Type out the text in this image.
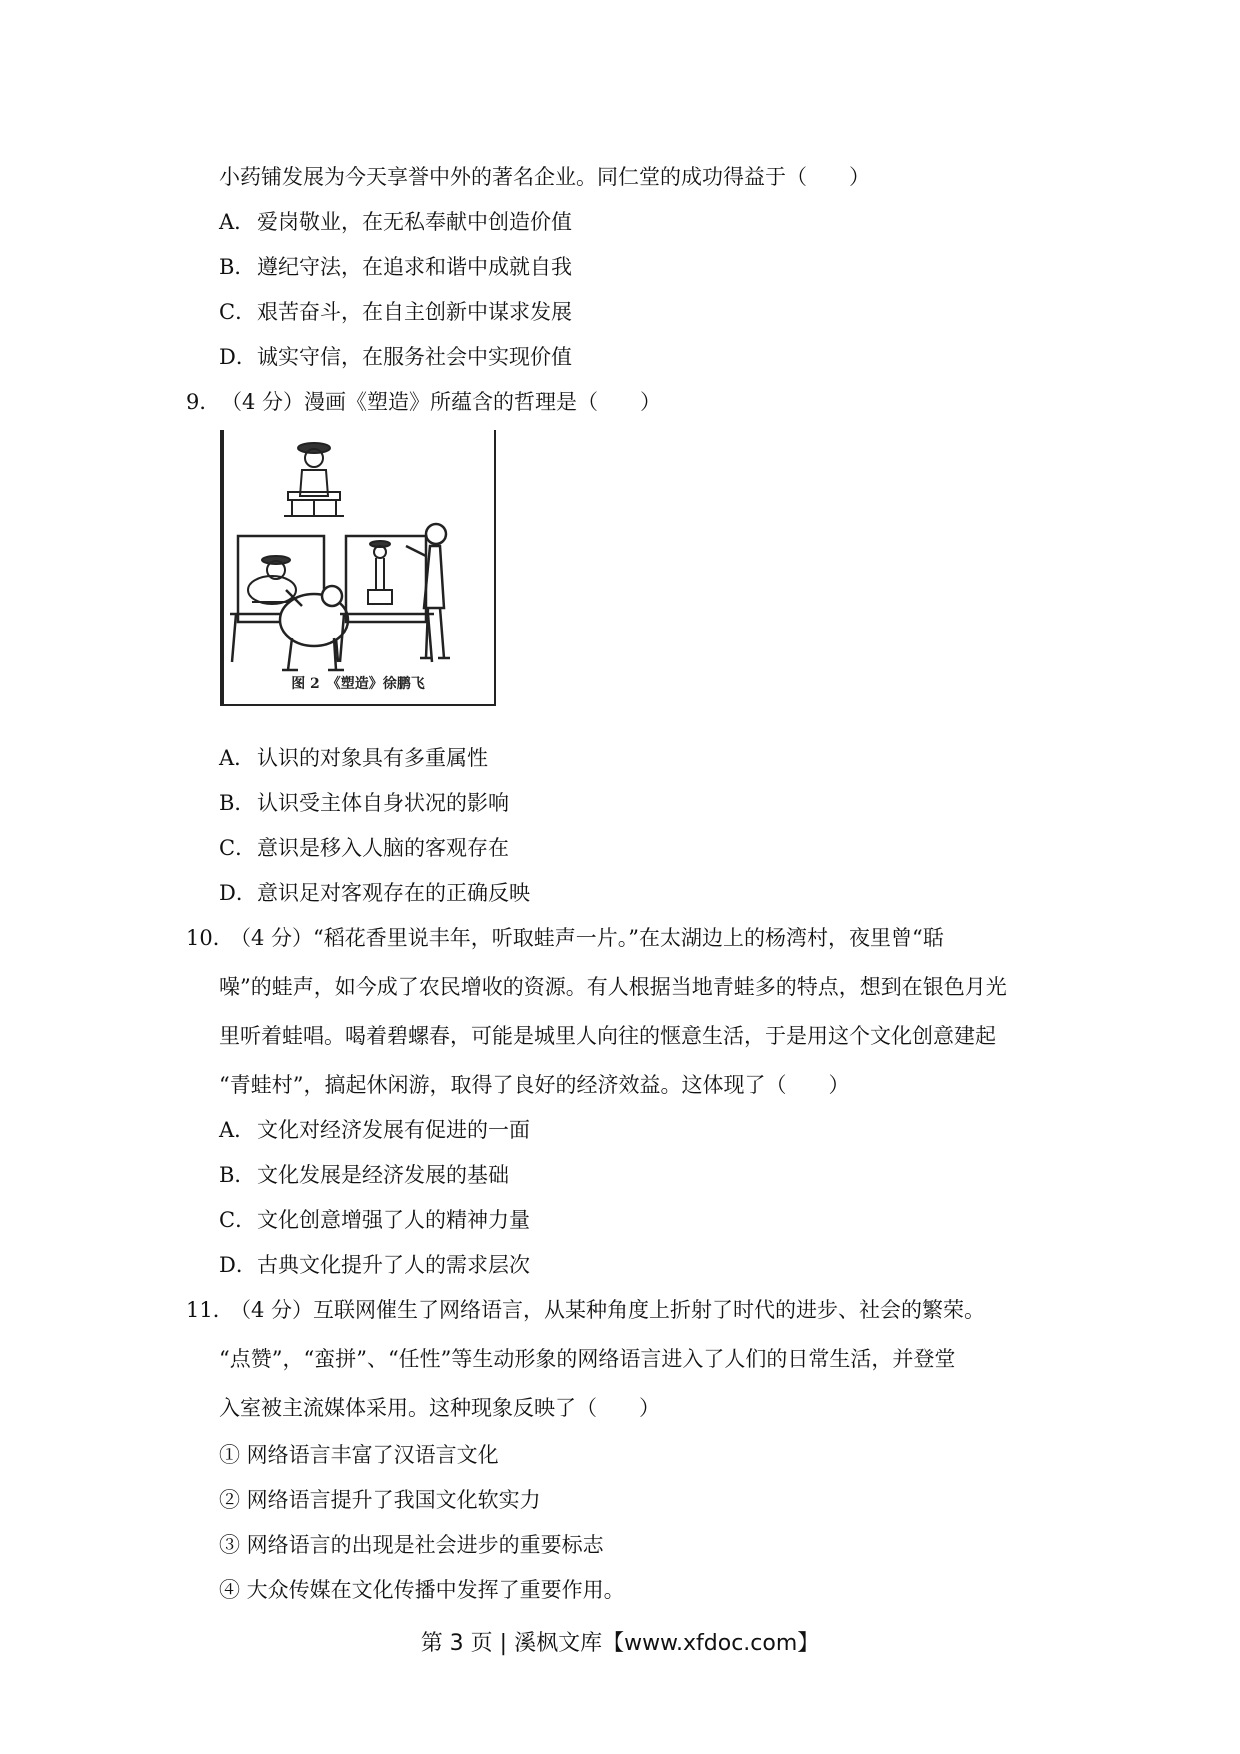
小药铺发展为今天享誉中外的著名企业。同仁堂的成功得益于（　　）
A．爱岗敬业，在无私奉献中创造价值
B．遵纪守法，在追求和谐中成就自我
C．艰苦奋斗，在自主创新中谋求发展
D．诚实守信，在服务社会中实现价值
9．（4 分）漫画《塑造》所蕴含的哲理是（　　）
图 2　《塑造》徐鹏飞
A．认识的对象具有多重属性
B．认识受主体自身状况的影响
C．意识是移入人脑的客观存在
D．意识足对客观存在的正确反映
10．（4 分）“稻花香里说丰年，听取蛙声一片。”在太湖边上的杨湾村，夜里曾“聒
噪”的蛙声，如今成了农民增收的资源。有人根据当地青蛙多的特点，想到在银色月光
里听着蛙唱。喝着碧螺春，可能是城里人向往的惬意生活，于是用这个文化创意建起
“青蛙村”，搞起休闲游，取得了良好的经济效益。这体现了（　　）
A．文化对经济发展有促进的一面
B．文化发展是经济发展的基础
C．文化创意增强了人的精神力量
D．古典文化提升了人的需求层次
11．（4 分）互联网催生了网络语言，从某种角度上折射了时代的进步、社会的繁荣。
“点赞”，“蛮拼”、“任性”等生动形象的网络语言进入了人们的日常生活，并登堂
入室被主流媒体采用。这种现象反映了（　　）
① 网络语言丰富了汉语言文化
② 网络语言提升了我国文化软实力
③ 网络语言的出现是社会进步的重要标志
④ 大众传媒在文化传播中发挥了重要作用。
第 3 页 | 溪枫文库【www.xfdoc.com】
